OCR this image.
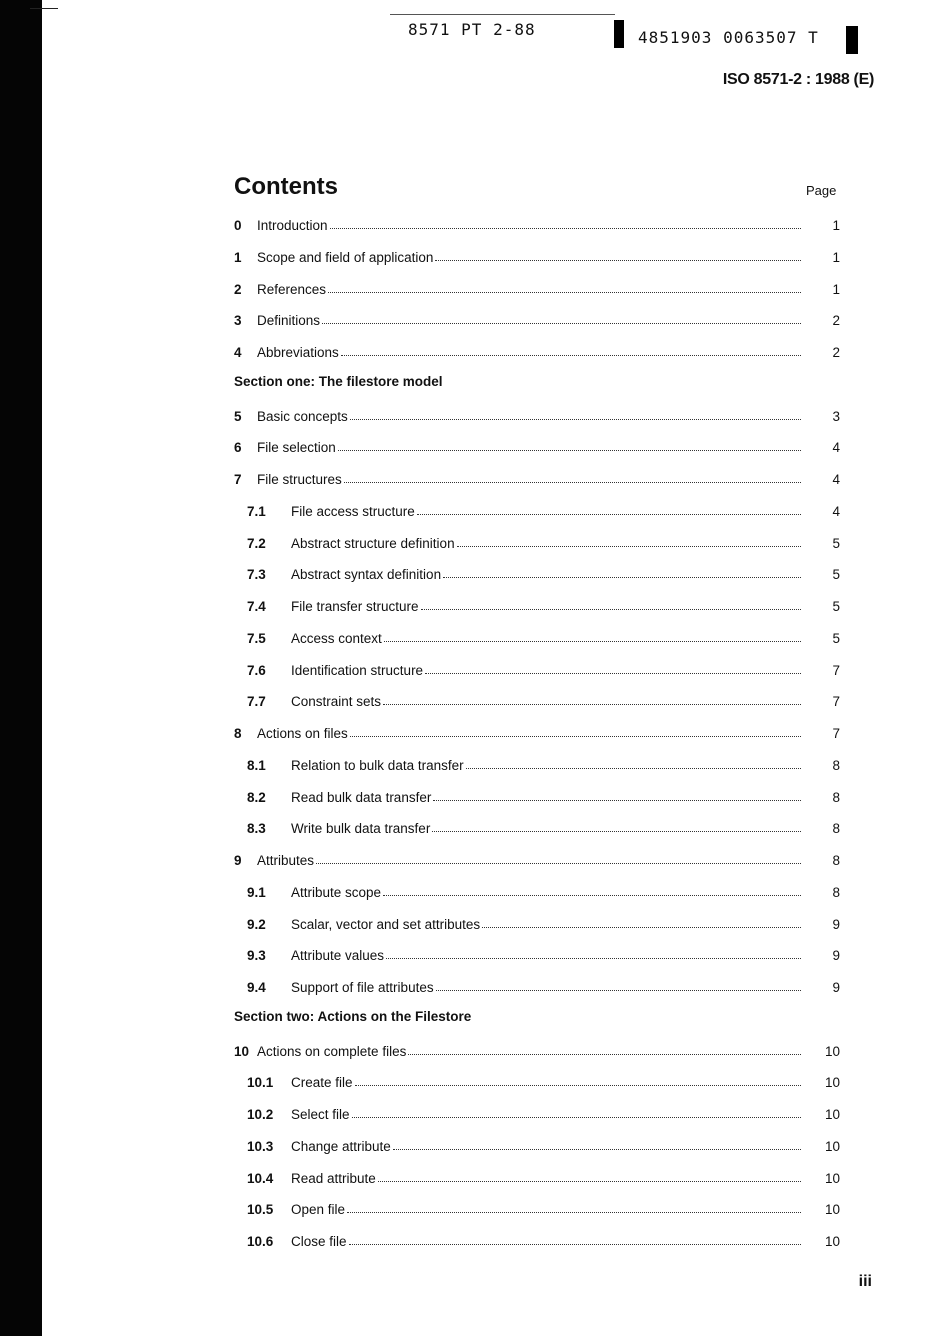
8571 PT 2-88	4851903 0063507 T
ISO 8571-2 : 1988 (E)
Contents	Page
0	Introduction	1
1	Scope and field of application	1
2	References	1
3	Definitions	2
4	Abbreviations	2
Section one: The filestore model
5	Basic concepts	3
6	File selection	4
7	File structures	4
7.1	File access structure	4
7.2	Abstract structure definition	5
7.3	Abstract syntax definition	5
7.4	File transfer structure	5
7.5	Access context	5
7.6	Identification structure	7
7.7	Constraint sets	7
8	Actions on files	7
8.1	Relation to bulk data transfer	8
8.2	Read bulk data transfer	8
8.3	Write bulk data transfer	8
9	Attributes	8
9.1	Attribute scope	8
9.2	Scalar, vector and set attributes	9
9.3	Attribute values	9
9.4	Support of file attributes	9
Section two: Actions on the Filestore
10 Actions on complete files	10
10.1	Create file	10
10.2	Select file	10
10.3	Change attribute	10
10.4	Read attribute	10
10.5	Open file	10
10.6	Close file	10
iii
